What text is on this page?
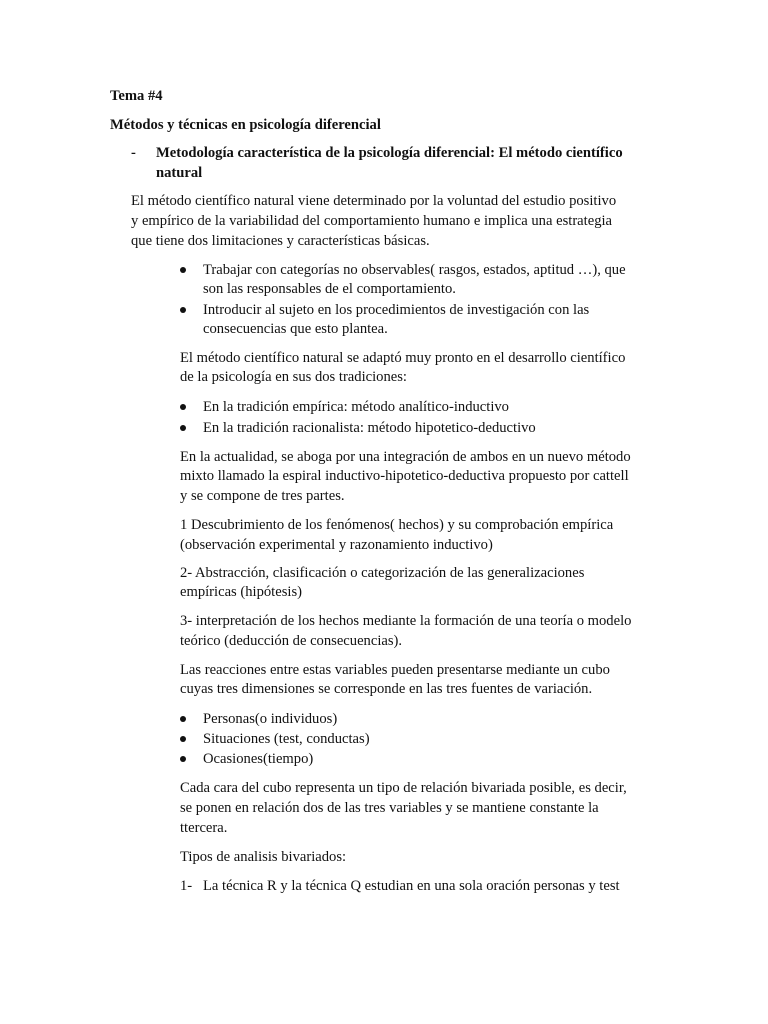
Tema #4
Métodos y técnicas en psicología diferencial
- Metodología característica de la psicología diferencial: El método científico
natural
El método científico natural viene determinado por la voluntad del estudio positivo
y empírico de la variabilidad del comportamiento humano e implica una estrategia
que tiene dos limitaciones y características básicas.
Trabajar con categorías no observables( rasgos, estados, aptitud …), que
son las responsables de el comportamiento.
Introducir al sujeto en los procedimientos de investigación con las
consecuencias que esto plantea.
El método científico natural se adaptó muy pronto en el desarrollo científico
de la psicología en sus dos tradiciones:
En la tradición empírica: método analítico-inductivo
En la tradición racionalista: método hipotetico-deductivo
En la actualidad, se aboga por una integración de ambos en un nuevo método
mixto llamado la espiral inductivo-hipotetico-deductiva propuesto por cattell
y se compone de tres partes.
1 Descubrimiento de los fenómenos( hechos) y su comprobación empírica
(observación experimental y razonamiento inductivo)
2- Abstracción, clasificación o categorización de las generalizaciones
empíricas (hipótesis)
3- interpretación de los hechos mediante la formación de una teoría o modelo
teórico (deducción de consecuencias).
Las reacciones entre estas variables pueden presentarse mediante un cubo
cuyas tres dimensiones se corresponde en las tres fuentes de variación.
Personas(o individuos)
Situaciones (test, conductas)
Ocasiones(tiempo)
Cada cara del cubo representa un tipo de relación bivariada posible, es decir,
se ponen en relación dos de las tres variables y se mantiene constante la
ttercera.
Tipos de analisis bivariados:
1- La técnica R y la técnica Q estudian en una sola oración personas y test
